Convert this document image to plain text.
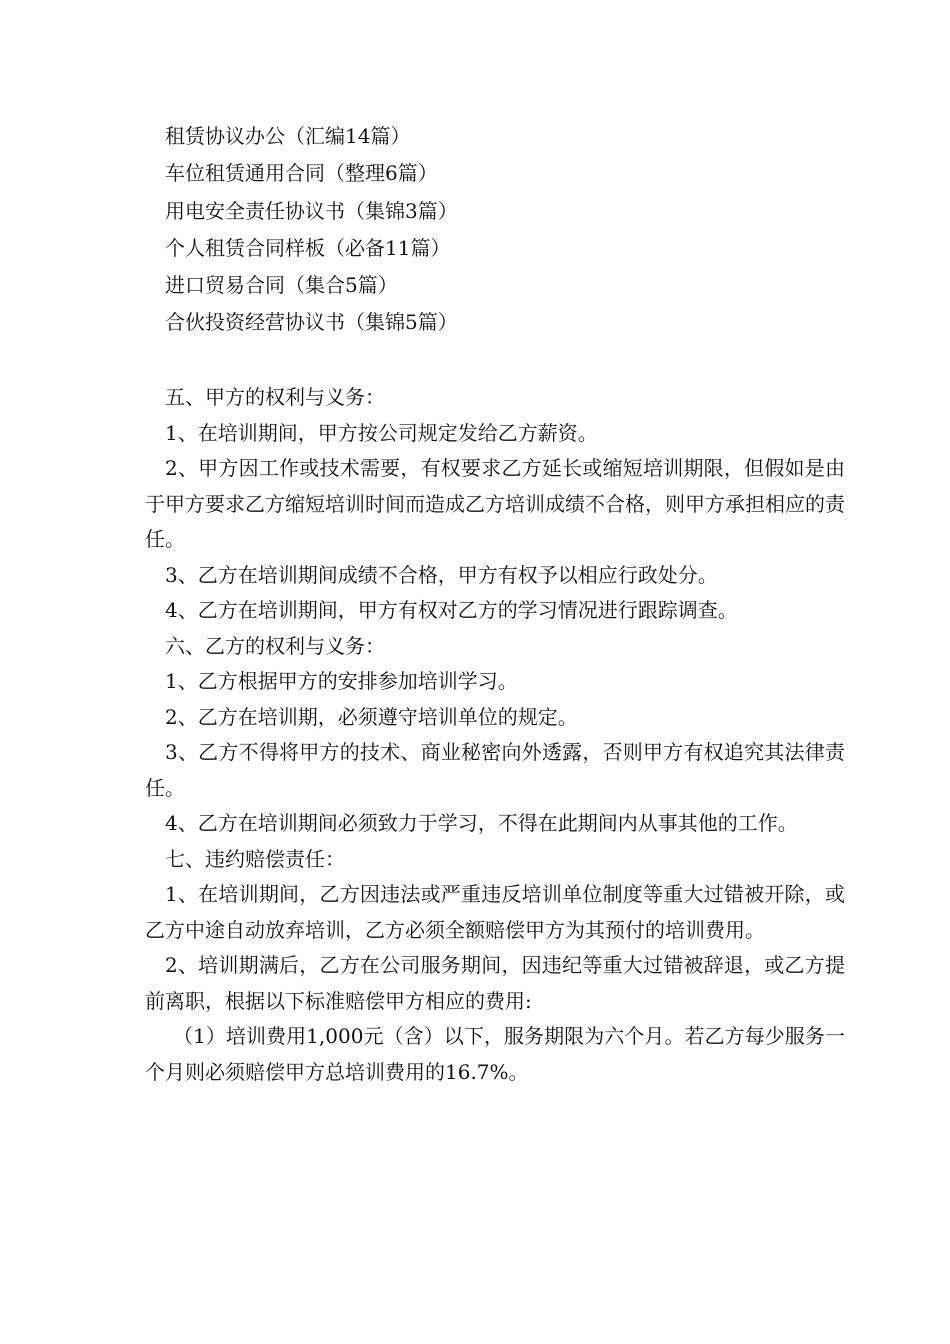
租赁协议办公（汇编14篇）
车位租赁通用合同（整理6篇）
用电安全责任协议书（集锦3篇）
个人租赁合同样板（必备11篇）
进口贸易合同（集合5篇）
合伙投资经营协议书（集锦5篇）
五、甲方的权利与义务：
1、在培训期间，甲方按公司规定发给乙方薪资。
2、甲方因工作或技术需要，有权要求乙方延长或缩短培训期限，但假如是由于甲方要求乙方缩短培训时间而造成乙方培训成绩不合格，则甲方承担相应的责任。
3、乙方在培训期间成绩不合格，甲方有权予以相应行政处分。
4、乙方在培训期间，甲方有权对乙方的学习情况进行跟踪调查。
六、乙方的权利与义务：
1、乙方根据甲方的安排参加培训学习。
2、乙方在培训期，必须遵守培训单位的规定。
3、乙方不得将甲方的技术、商业秘密向外透露，否则甲方有权追究其法律责任。
4、乙方在培训期间必须致力于学习，不得在此期间内从事其他的工作。
七、违约赔偿责任：
1、在培训期间，乙方因违法或严重违反培训单位制度等重大过错被开除，或乙方中途自动放弃培训，乙方必须全额赔偿甲方为其预付的培训费用。
2、培训期满后，乙方在公司服务期间，因违纪等重大过错被辞退，或乙方提前离职，根据以下标准赔偿甲方相应的费用:
（1）培训费用1,000元（含）以下，服务期限为六个月。若乙方每少服务一个月则必须赔偿甲方总培训费用的16.7%。
